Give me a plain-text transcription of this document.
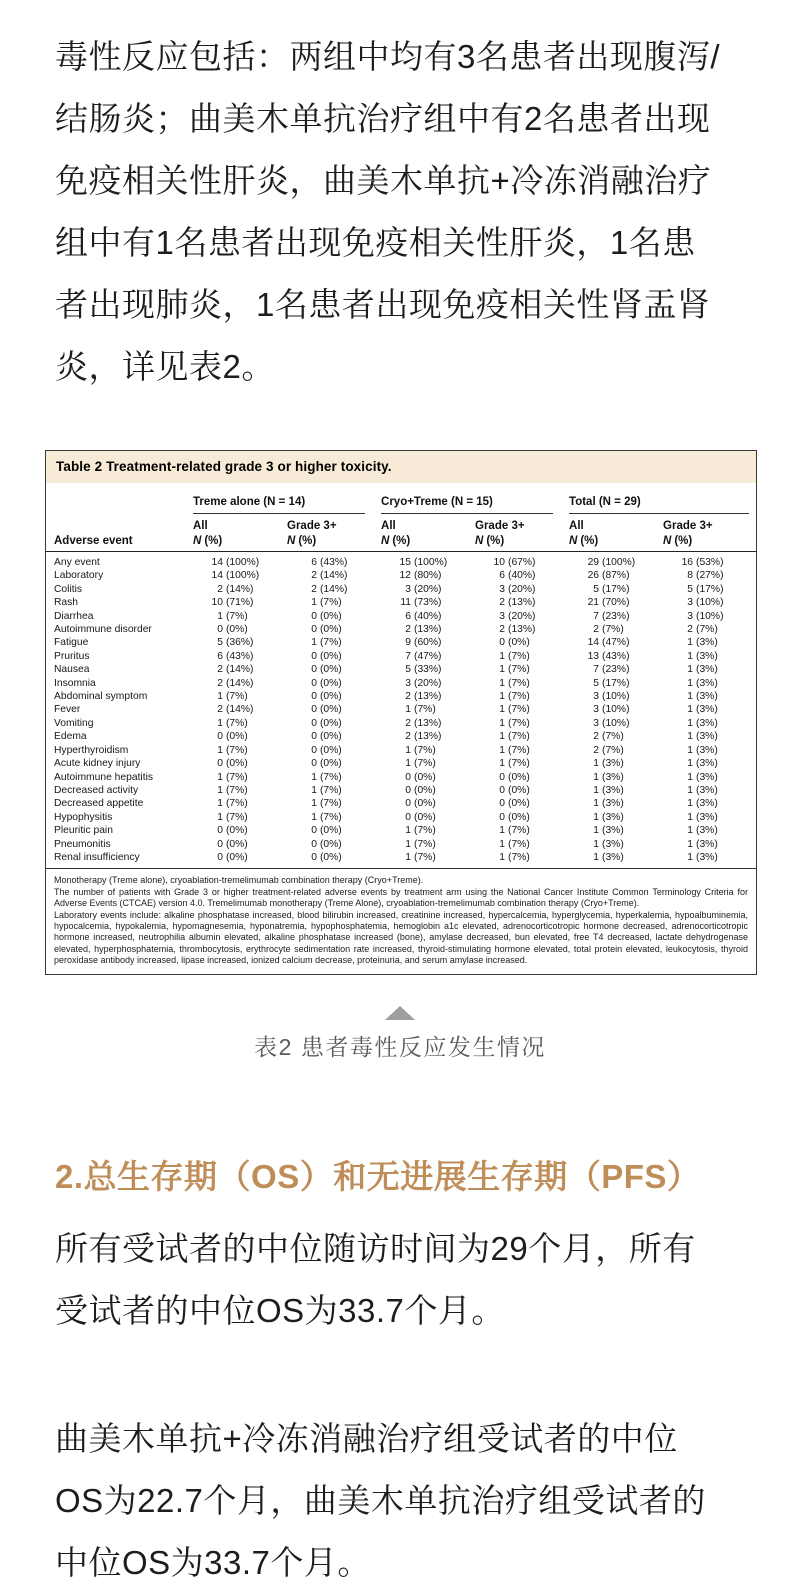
毒性反应包括：两组中均有3名患者出现腹泻/
结肠炎；曲美木单抗治疗组中有2名患者出现
免疫相关性肝炎，曲美木单抗+冷冻消融治疗
组中有1名患者出现免疫相关性肝炎，1名患
者出现肺炎，1名患者出现免疫相关性肾盂肾
炎，详见表2。
Table 2 Treatment-related grade 3 or higher toxicity.

	Treme alone (N = 14)		Cryo+Treme (N = 15)		Total (N = 29)	

	All	Grade 3+	All	Grade 3+	All	Grade 3+
Adverse event	N (%)	N (%)	N (%)	N (%)	N (%)	N (%)
Any event	14 (100%)	6 (43%)	15 (100%)	10 (67%)	29 (100%)	16 (53%)
Laboratory	14 (100%)	2 (14%)	12 (80%)	6 (40%)	26 (87%)	8 (27%)
Colitis	2 (14%)	2 (14%)	3 (20%)	3 (20%)	5 (17%)	5 (17%)
Rash	10 (71%)	1 (7%)	11 (73%)	2 (13%)	21 (70%)	3 (10%)
Diarrhea	1 (7%)	0 (0%)	6 (40%)	3 (20%)	7 (23%)	3 (10%)
Autoimmune disorder	0 (0%)	0 (0%)	2 (13%)	2 (13%)	2 (7%)	2 (7%)
Fatigue	5 (36%)	1 (7%)	9 (60%)	0 (0%)	14 (47%)	1 (3%)
Pruritus	6 (43%)	0 (0%)	7 (47%)	1 (7%)	13 (43%)	1 (3%)
Nausea	2 (14%)	0 (0%)	5 (33%)	1 (7%)	7 (23%)	1 (3%)
Insomnia	2 (14%)	0 (0%)	3 (20%)	1 (7%)	5 (17%)	1 (3%)
Abdominal symptom	1 (7%)	0 (0%)	2 (13%)	1 (7%)	3 (10%)	1 (3%)
Fever	2 (14%)	0 (0%)	1 (7%)	1 (7%)	3 (10%)	1 (3%)
Vomiting	1 (7%)	0 (0%)	2 (13%)	1 (7%)	3 (10%)	1 (3%)
Edema	0 (0%)	0 (0%)	2 (13%)	1 (7%)	2 (7%)	1 (3%)
Hyperthyroidism	1 (7%)	0 (0%)	1 (7%)	1 (7%)	2 (7%)	1 (3%)
Acute kidney injury	0 (0%)	0 (0%)	1 (7%)	1 (7%)	1 (3%)	1 (3%)
Autoimmune hepatitis	1 (7%)	1 (7%)	0 (0%)	0 (0%)	1 (3%)	1 (3%)
Decreased activity	1 (7%)	1 (7%)	0 (0%)	0 (0%)	1 (3%)	1 (3%)
Decreased appetite	1 (7%)	1 (7%)	0 (0%)	0 (0%)	1 (3%)	1 (3%)
Hypophysitis	1 (7%)	1 (7%)	0 (0%)	0 (0%)	1 (3%)	1 (3%)
Pleuritic pain	0 (0%)	0 (0%)	1 (7%)	1 (7%)	1 (3%)	1 (3%)
Pneumonitis	0 (0%)	0 (0%)	1 (7%)	1 (7%)	1 (3%)	1 (3%)
Renal insufficiency	0 (0%)	0 (0%)	1 (7%)	1 (7%)	1 (3%)	1 (3%)
Monotherapy (Treme alone), cryoablation-tremelimumab combination therapy (Cryo+Treme).
The number of patients with Grade 3 or higher treatment-related adverse events by treatment arm using the National Cancer Institute Common Terminology Criteria for Adverse Events (CTCAE) version 4.0. Tremelimumab monotherapy (Treme Alone), cryoablation-tremelimumab combination therapy (Cryo+Treme).
Laboratory events include: alkaline phosphatase increased, blood bilirubin increased, creatinine increased, hypercalcemia, hyperglycemia, hyperkalemia, hypoalbuminemia, hypocalcemia, hypokalemia, hypomagnesemia, hyponatremia, hypophosphatemia, hemoglobin a1c elevated, adrenocorticotropic hormone decreased, adrenocorticotropic hormone increased, neutrophilia albumin elevated, alkaline phosphatase increased (bone), amylase decreased, bun elevated, free T4 decreased, lactate dehydrogenase elevated, hyperphosphatemia, thrombocytosis, erythrocyte sedimentation rate increased, thyroid-stimulating hormone elevated, total protein elevated, leukocytosis, thyroid peroxidase antibody increased, lipase increased, ionized calcium decrease, proteinuria, and serum amylase increased.
表2 患者毒性反应发生情况
2.总生存期（OS）和无进展生存期（PFS）
所有受试者的中位随访时间为29个月，所有
受试者的中位OS为33.7个月。
曲美木单抗+冷冻消融治疗组受试者的中位
OS为22.7个月，曲美木单抗治疗组受试者的
中位OS为33.7个月。
